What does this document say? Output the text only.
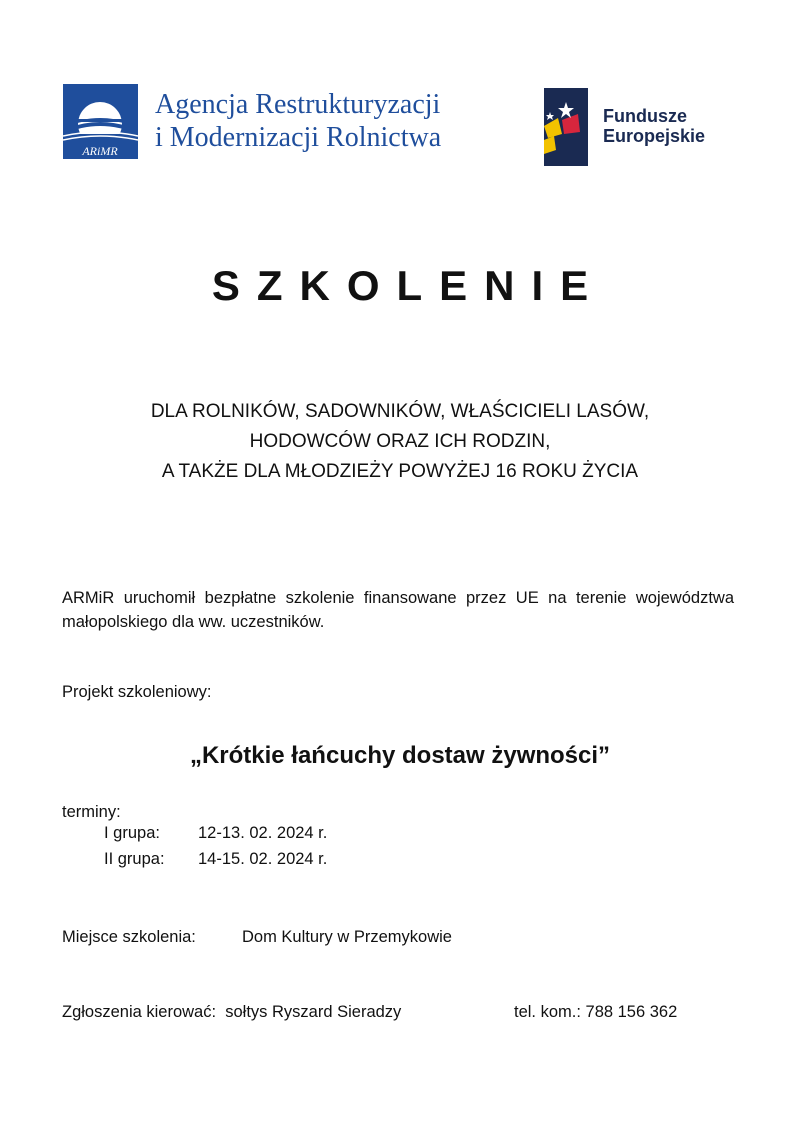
ARiMR
Agencja Restrukturyzacji
i Modernizacji Rolnictwa
Fundusze
Europejskie
SZKOLENIE
DLA ROLNIKÓW, SADOWNIKÓW, WŁAŚCICIELI LASÓW,
HODOWCÓW ORAZ ICH RODZIN,
A TAKŻE DLA MŁODZIEŻY POWYŻEJ 16 ROKU ŻYCIA
ARMiR uruchomił bezpłatne szkolenie finansowane przez UE na terenie województwa małopolskiego dla ww. uczestników.
Projekt szkoleniowy:
„Krótkie łańcuchy dostaw żywności”
terminy:
I grupa: 12-13. 02. 2024 r.
II grupa: 14-15. 02. 2024 r.
Miejsce szkolenia:	Dom Kultury w Przemykowie
Zgłoszenia kierować: sołtys Ryszard Sieradzy	tel. kom.: 788 156 362
